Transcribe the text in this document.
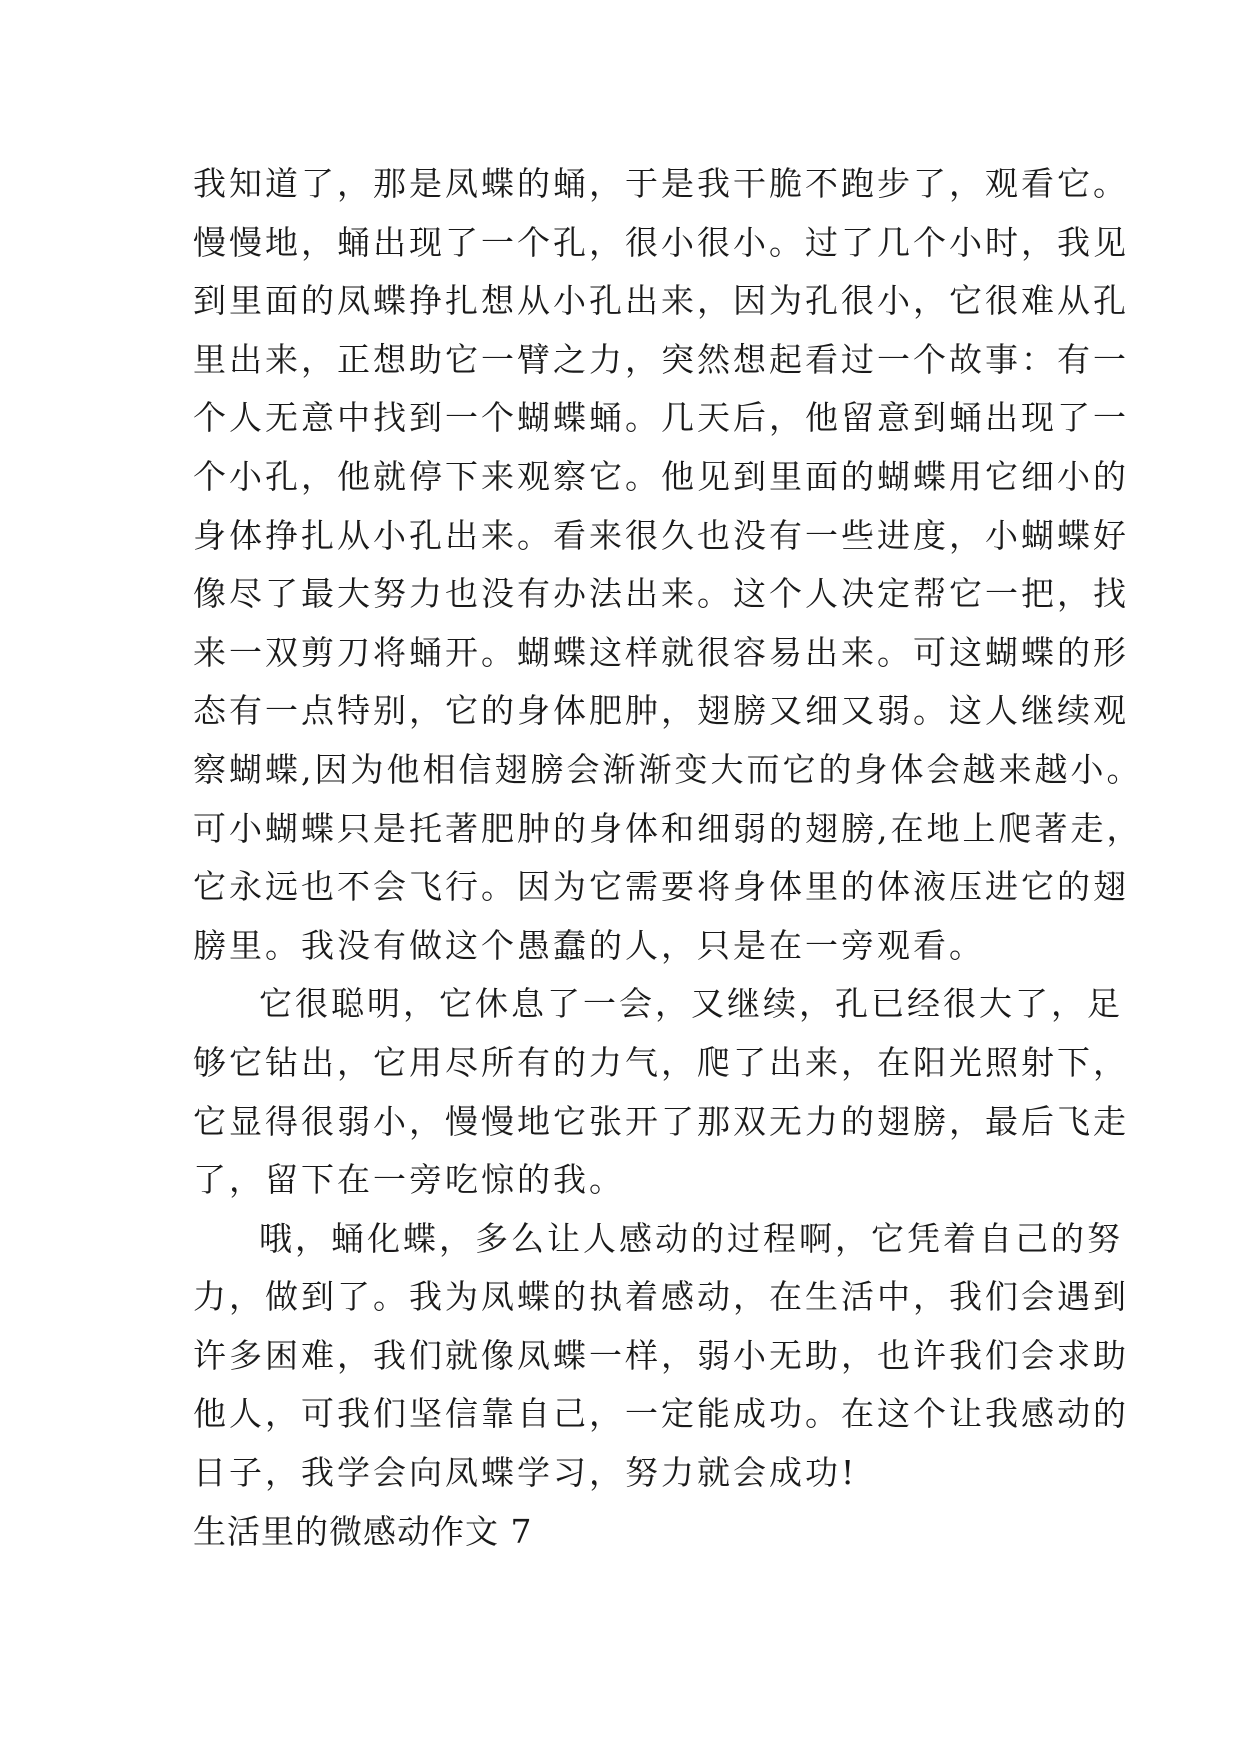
我知道了，那是凤蝶的蛹，于是我干脆不跑步了，观看它。
慢慢地，蛹出现了一个孔，很小很小。过了几个小时，我见
到里面的凤蝶挣扎想从小孔出来，因为孔很小，它很难从孔
里出来，正想助它一臂之力，突然想起看过一个故事：有一
个人无意中找到一个蝴蝶蛹。几天后，他留意到蛹出现了一
个小孔，他就停下来观察它。他见到里面的蝴蝶用它细小的
身体挣扎从小孔出来。看来很久也没有一些进度，小蝴蝶好
像尽了最大努力也没有办法出来。这个人决定帮它一把，找
来一双剪刀将蛹开。蝴蝶这样就很容易出来。可这蝴蝶的形
态有一点特别，它的身体肥肿，翅膀又细又弱。这人继续观
察蝴蝶,因为他相信翅膀会渐渐变大而它的身体会越来越小。
可小蝴蝶只是托著肥肿的身体和细弱的翅膀,在地上爬著走，
它永远也不会飞行。因为它需要将身体里的体液压进它的翅
膀里。我没有做这个愚蠢的人，只是在一旁观看。
它很聪明，它休息了一会，又继续，孔已经很大了，足
够它钻出，它用尽所有的力气，爬了出来，在阳光照射下，
它显得很弱小，慢慢地它张开了那双无力的翅膀，最后飞走
了，留下在一旁吃惊的我。
哦，蛹化蝶，多么让人感动的过程啊，它凭着自己的努
力，做到了。我为凤蝶的执着感动，在生活中，我们会遇到
许多困难，我们就像凤蝶一样，弱小无助，也许我们会求助
他人，可我们坚信靠自己，一定能成功。在这个让我感动的
日子，我学会向凤蝶学习，努力就会成功!
生活里的微感动作文 7
